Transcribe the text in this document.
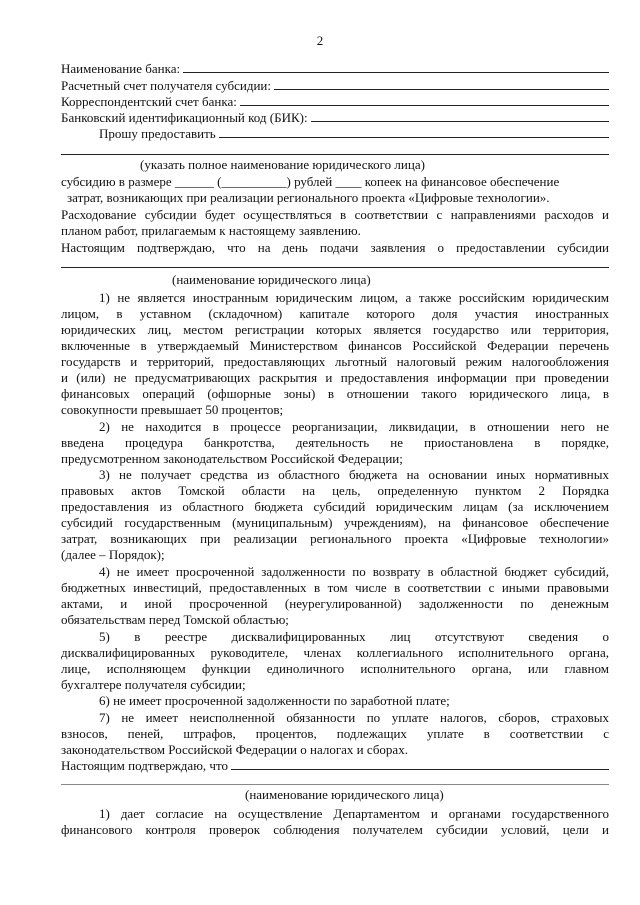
2
Наименование банка:
Расчетный счет получателя субсидии:
Корреспондентский счет банка:
Банковский идентификационный код (БИК):
Прошу предоставить
(указать полное наименование юридического лица)
субсидию в размере ______ (__________) рублей ____ копеек на финансовое обеспечение
затрат, возникающих при реализации регионального проекта «Цифровые технологии».
Расходование субсидии будет осуществляться в соответствии с направлениями расходов и
планом работ, прилагаемым к настоящему заявлению.
Настоящим подтверждаю, что на день подачи заявления о предоставлении субсидии
(наименование юридического лица)
1) не является иностранным юридическим лицом, а также российским юридическим
лицом, в уставном (складочном) капитале которого доля участия иностранных
юридических лиц, местом регистрации которых является государство или территория,
включенные в утверждаемый Министерством финансов Российской Федерации перечень
государств и территорий, предоставляющих льготный налоговый режим налогообложения
и (или) не предусматривающих раскрытия и предоставления информации при проведении
финансовых операций (офшорные зоны) в отношении такого юридического лица, в
совокупности превышает 50 процентов;
2) не находится в процессе реорганизации, ликвидации, в отношении него не
введена процедура банкротства, деятельность не приостановлена в порядке,
предусмотренном законодательством Российской Федерации;
3) не получает средства из областного бюджета на основании иных нормативных
правовых актов Томской области на цель, определенную пунктом 2 Порядка
предоставления из областного бюджета субсидий юридическим лицам (за исключением
субсидий государственным (муниципальным) учреждениям), на финансовое обеспечение
затрат, возникающих при реализации регионального проекта «Цифровые технологии»
(далее – Порядок);
4) не имеет просроченной задолженности по возврату в областной бюджет субсидий,
бюджетных инвестиций, предоставленных в том числе в соответствии с иными правовыми
актами, и иной просроченной (неурегулированной) задолженности по денежным
обязательствам перед Томской областью;
5) в реестре дисквалифицированных лиц отсутствуют сведения о
дисквалифицированных руководителе, членах коллегиального исполнительного органа,
лице, исполняющем функции единоличного исполнительного органа, или главном
бухгалтере получателя субсидии;
6) не имеет просроченной задолженности по заработной плате;
7) не имеет неисполненной обязанности по уплате налогов, сборов, страховых
взносов, пеней, штрафов, процентов, подлежащих уплате в соответствии с
законодательством Российской Федерации о налогах и сборах.
Настоящим подтверждаю, что
(наименование юридического лица)
1) дает согласие на осуществление Департаментом и органами государственного
финансового контроля проверок соблюдения получателем субсидии условий, цели и
